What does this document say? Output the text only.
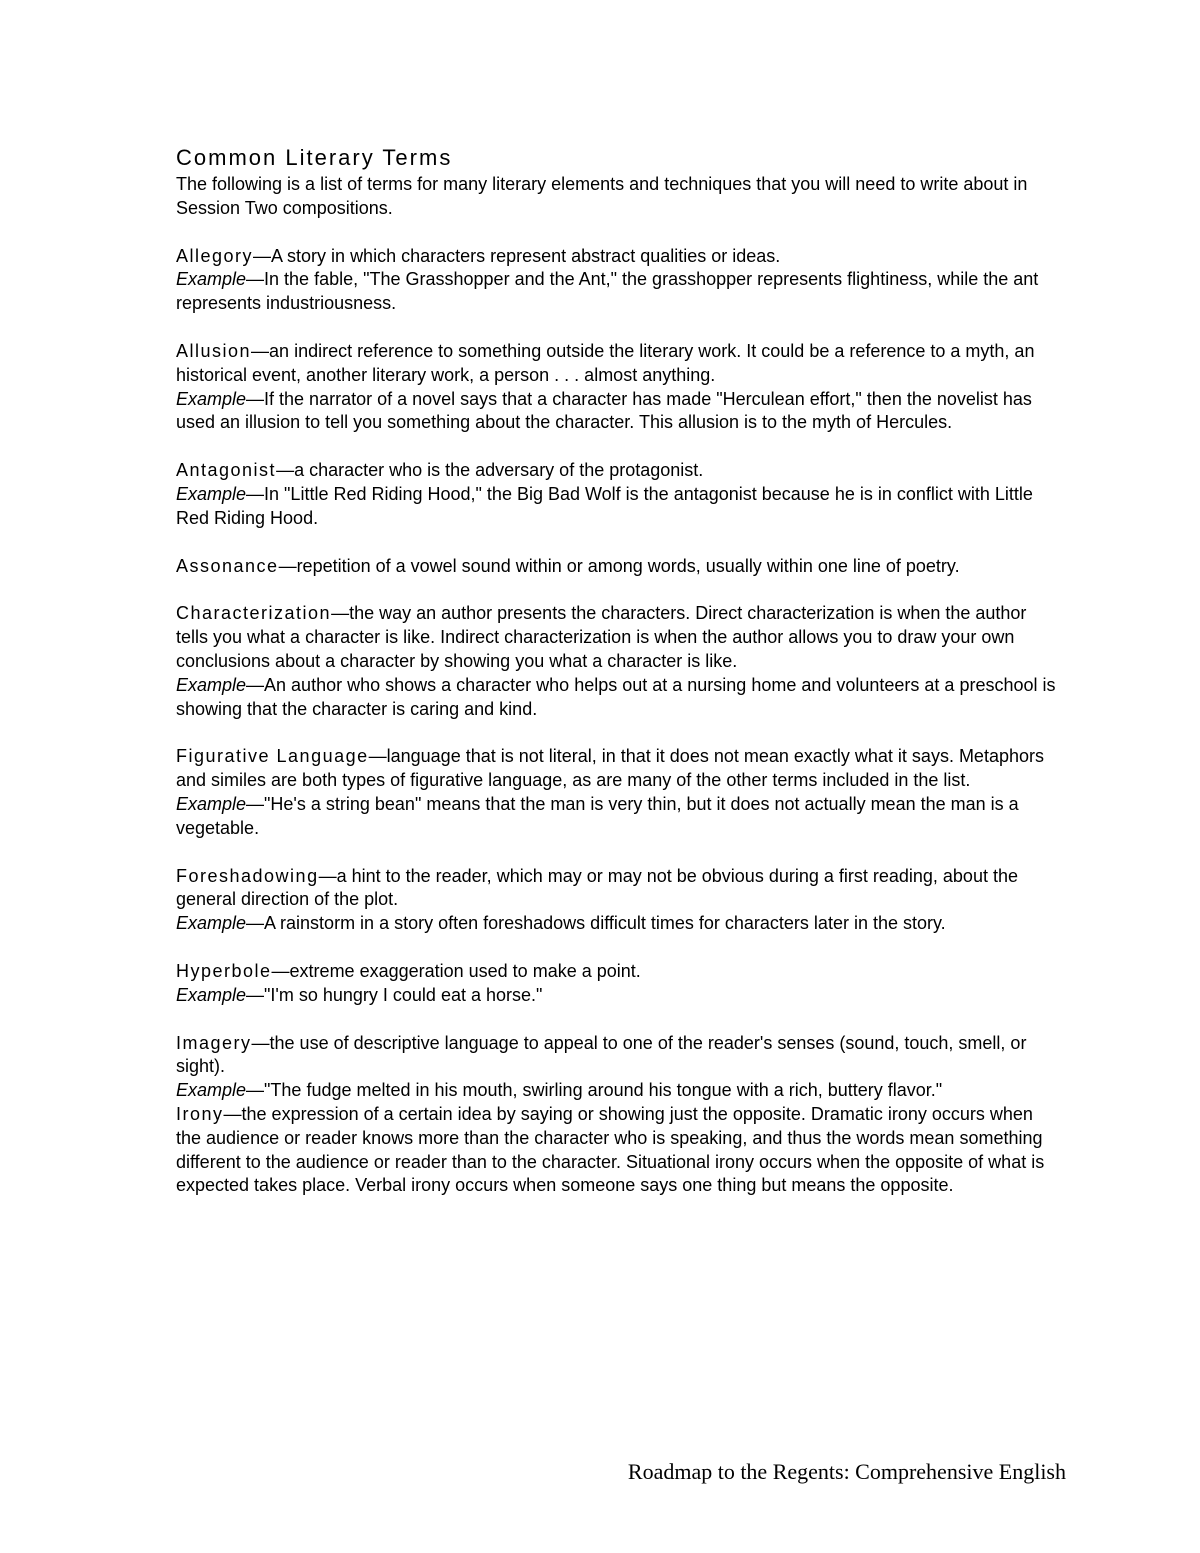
Common Literary Terms

The following is a list of terms for many literary elements and techniques that you will need to write about in Session Two compositions.

Allegory—A story in which characters represent abstract qualities or ideas.

Example—In the fable, "The Grasshopper and the Ant," the grasshopper represents flightiness, while the ant represents industriousness.

Allusion—an indirect reference to something outside the literary work. It could be a reference to a myth, an historical event, another literary work, a person . . . almost anything.

Example—If the narrator of a novel says that a character has made "Herculean effort," then the novelist has used an illusion to tell you something about the character. This allusion is to the myth of Hercules.

Antagonist—a character who is the adversary of the protagonist.

Example—In "Little Red Riding Hood," the Big Bad Wolf is the antagonist because he is in conflict with Little Red Riding Hood.

Assonance—repetition of a vowel sound within or among words, usually within one line of poetry.

Characterization—the way an author presents the characters. Direct characterization is when the author tells you what a character is like. Indirect characterization is when the author allows you to draw your own conclusions about a character by showing you what a character is like.

Example—An author who shows a character who helps out at a nursing home and volunteers at a preschool is showing that the character is caring and kind.

Figurative Language—language that is not literal, in that it does not mean exactly what it says. Metaphors and similes are both types of figurative language, as are many of the other terms included in the list.

Example—"He's a string bean" means that the man is very thin, but it does not actually mean the man is a vegetable.

Foreshadowing—a hint to the reader, which may or may not be obvious during a first reading, about the general direction of the plot.

Example—A rainstorm in a story often foreshadows difficult times for characters later in the story.

Hyperbole—extreme exaggeration used to make a point.

Example—"I'm so hungry I could eat a horse."

Imagery—the use of descriptive language to appeal to one of the reader's senses (sound, touch, smell, or sight).

Example—"The fudge melted in his mouth, swirling around his tongue with a rich, buttery flavor."

Irony—the expression of a certain idea by saying or showing just the opposite. Dramatic irony occurs when the audience or reader knows more than the character who is speaking, and thus the words mean something different to the audience or reader than to the character. Situational irony occurs when the opposite of what is expected takes place. Verbal irony occurs when someone says one thing but means the opposite.

Roadmap to the Regents: Comprehensive English
